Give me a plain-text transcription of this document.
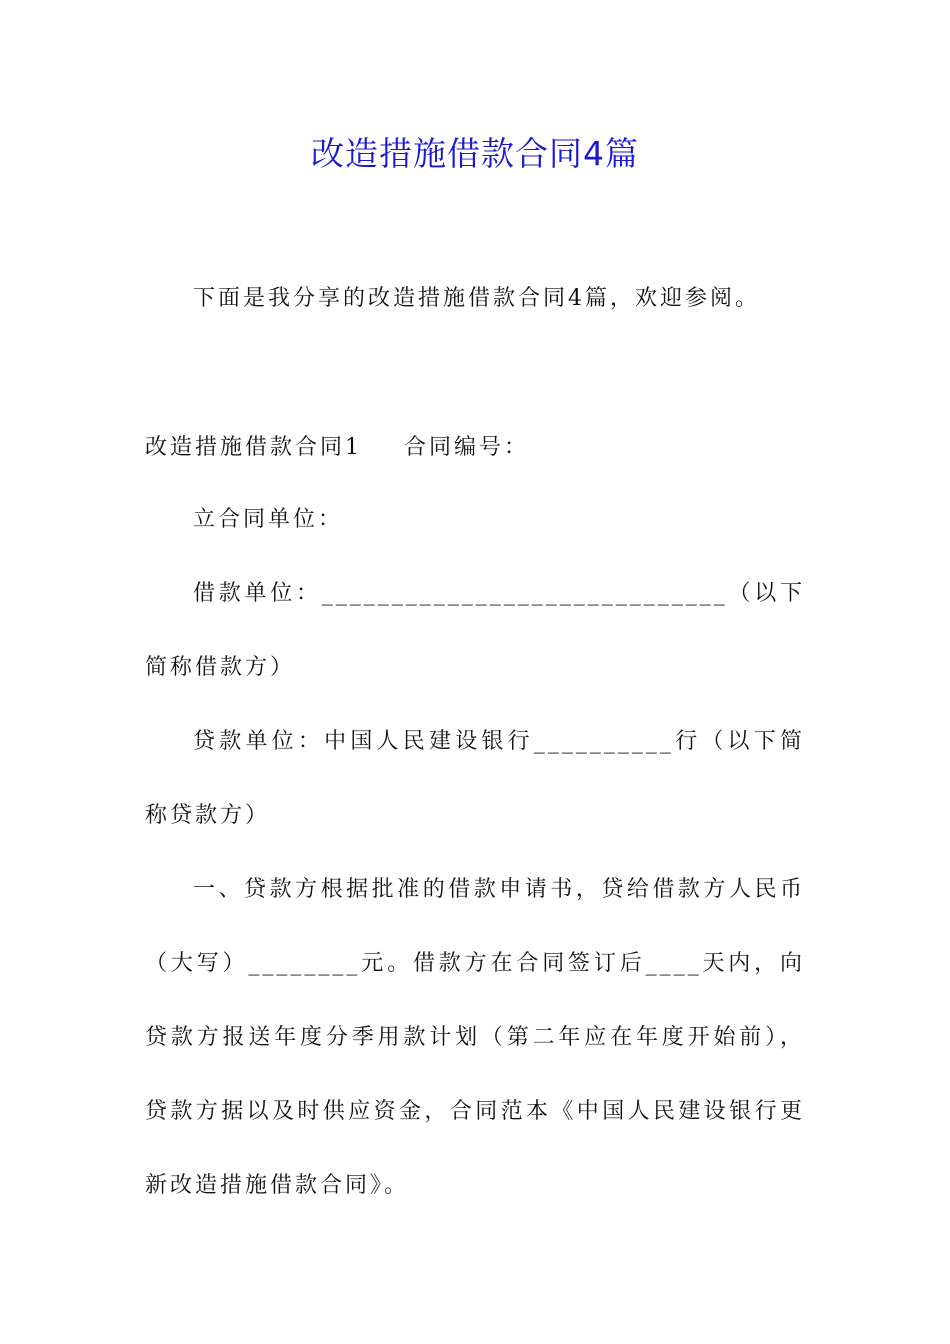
改造措施借款合同4篇

下面是我分享的改造措施借款合同4篇，欢迎参阅。

改造措施借款合同1 合同编号：

立合同单位：

借款单位：_____________________________（以下简称借款方）

贷款单位：中国人民建设银行__________行（以下简称贷款方）

一、贷款方根据批准的借款申请书，贷给借款方人民币（大写）________元。借款方在合同签订后____天内，向贷款方报送年度分季用款计划（第二年应在年度开始前），贷款方据以及时供应资金，合同范本《中国人民建设银行更新改造措施借款合同》。
